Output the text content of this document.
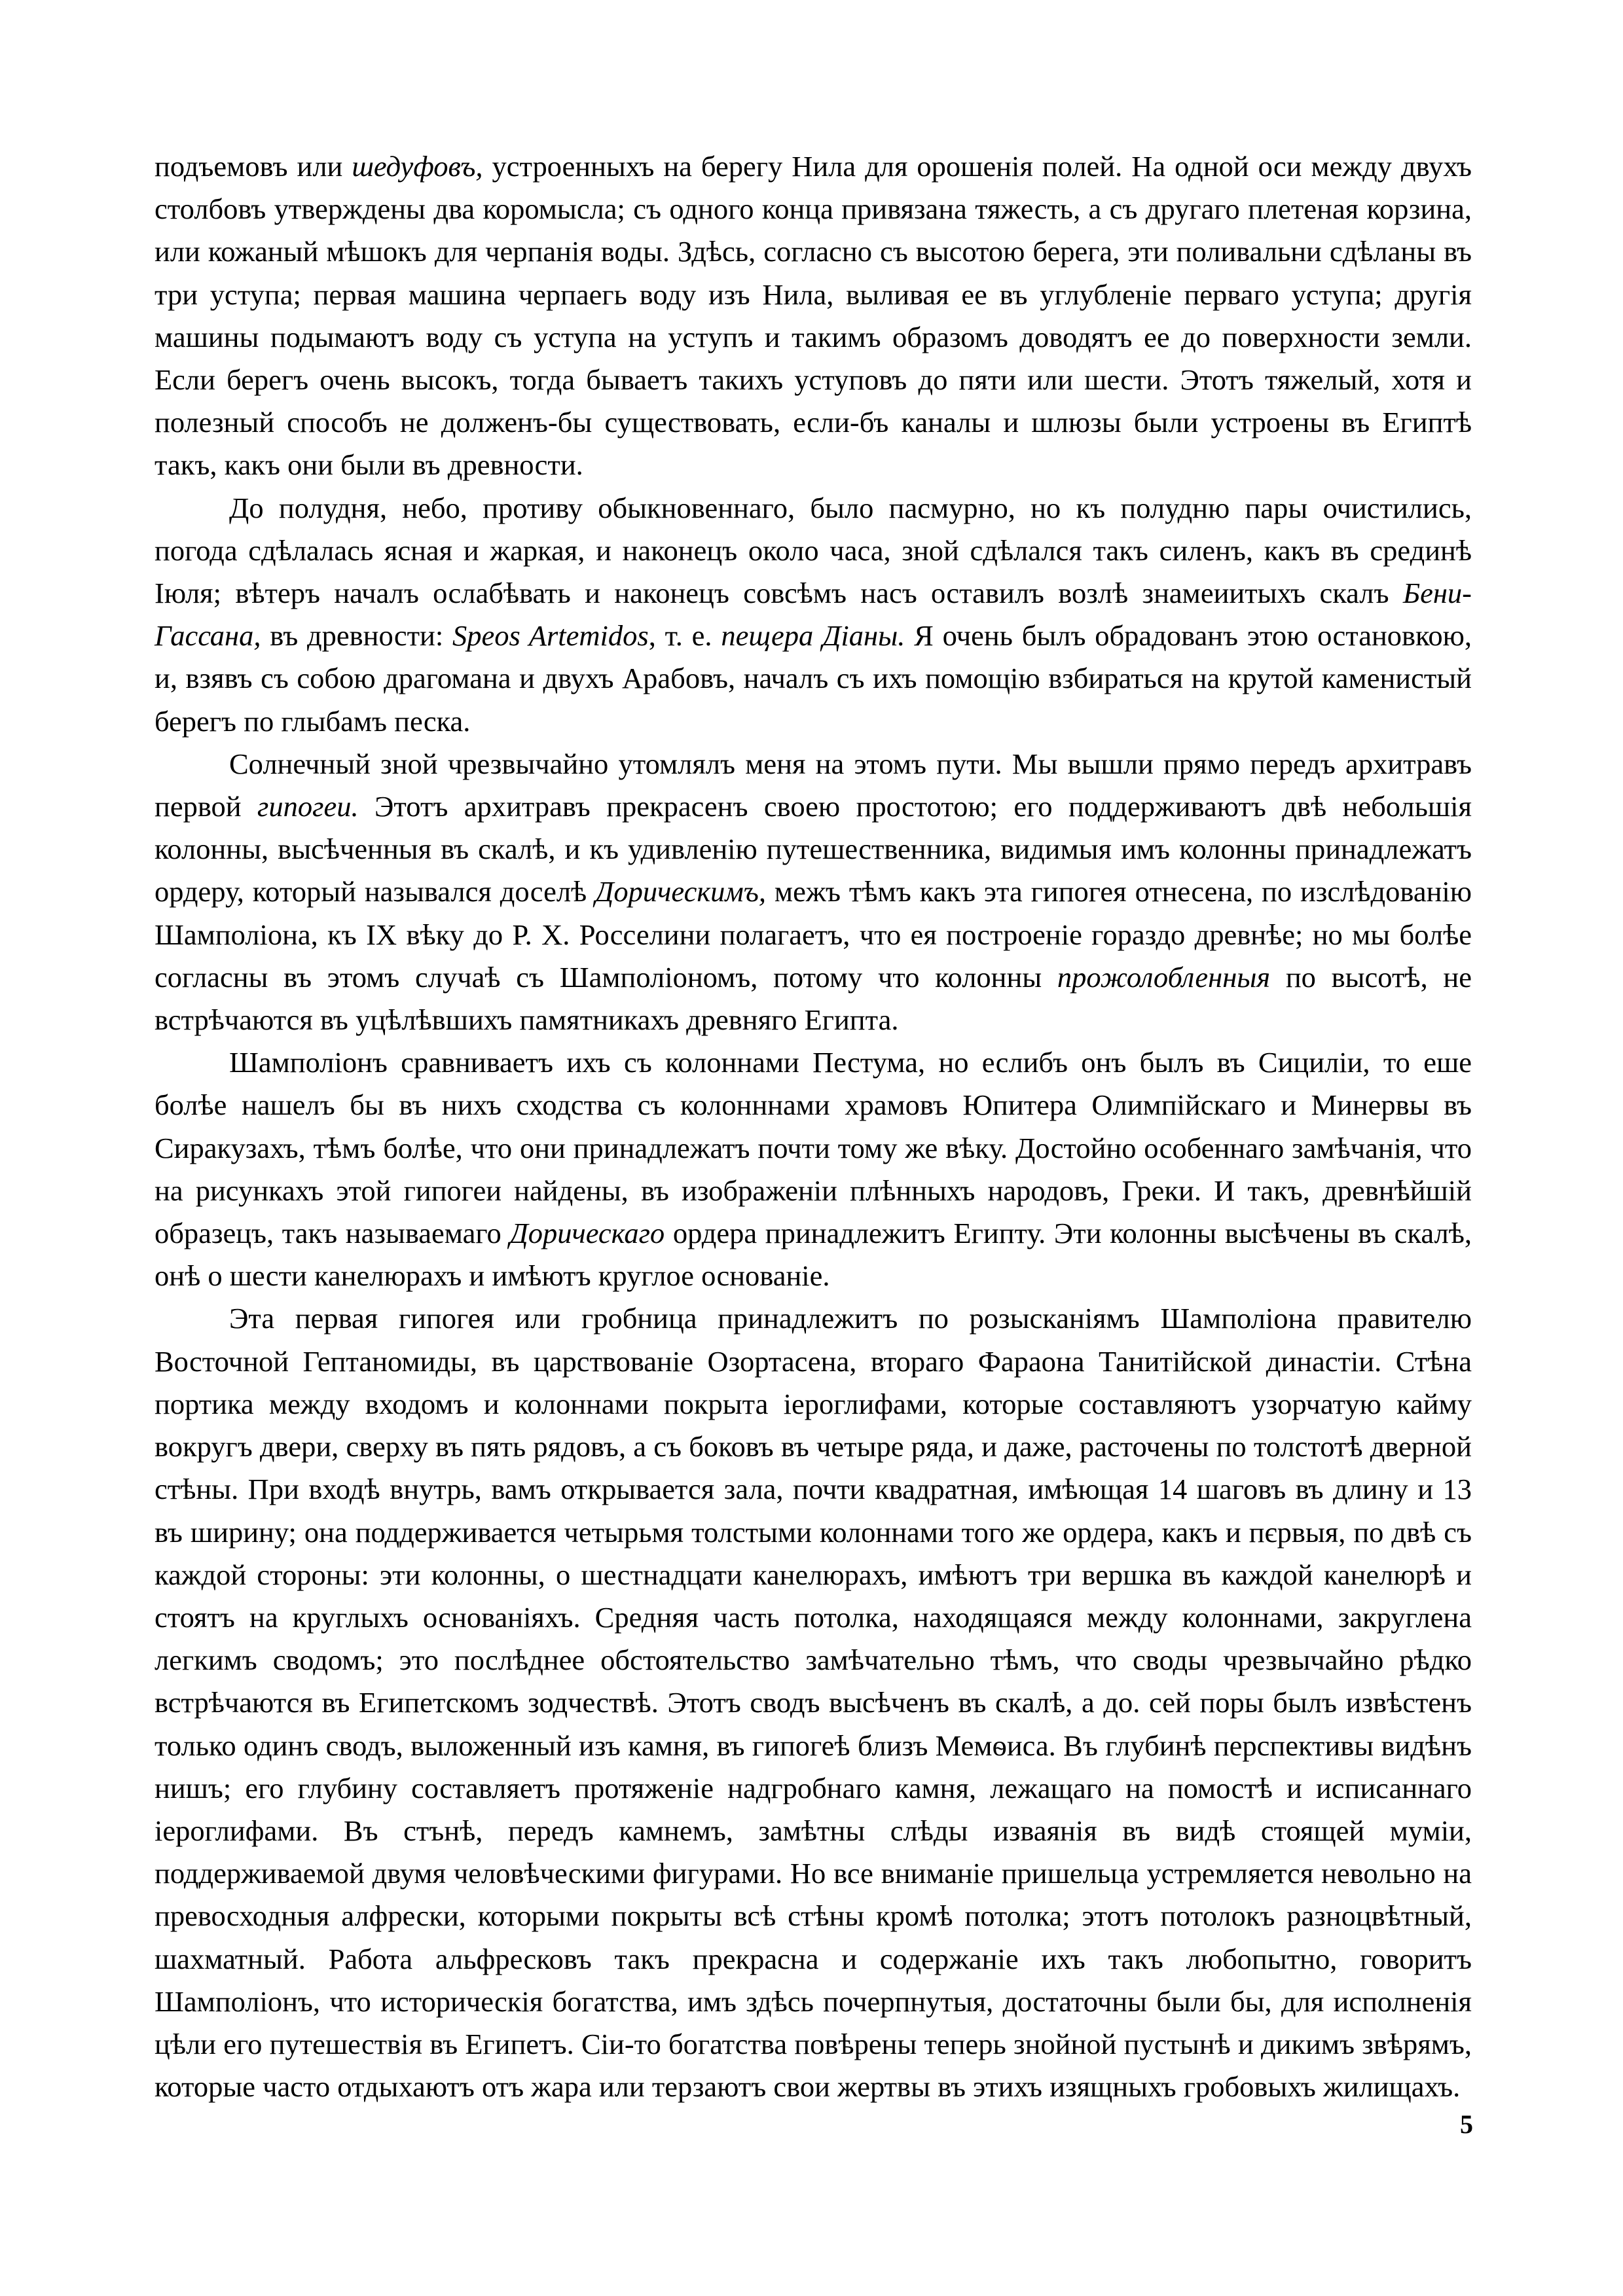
подъемовъ или шедуфовъ, устроенныхъ на берегу Нила для орошенія полей. На одной оси между двухъ столбовъ утверждены два коромысла; съ одного конца привязана тяжесть, а съ другаго плетеная корзина, или кожаный мѣшокъ для черпанія воды. Здѣсь, согласно съ высотою берега, эти поливальни сдѣланы въ три уступа; первая машина черпаегь воду изъ Нила, выливая ее въ углубленіе перваго уступа; другія машины подымаютъ воду съ уступа на уступъ и такимъ образомъ доводятъ ее до поверхности земли. Если берегъ очень высокъ, тогда бываетъ такихъ уступовъ до пяти или шести. Этотъ тяжелый, хотя и полезный способъ не долженъ-бы существовать, если-бъ каналы и шлюзы были устроены въ Египтѣ такъ, какъ они были въ древности.

До полудня, небо, противу обыкновеннаго, было пасмурно, но къ полудню пары очистились, погода сдѣлалась ясная и жаркая, и наконецъ около часа, зной сдѣлался такъ силенъ, какъ въ срединѣ Іюля; вѣтеръ началъ ослабѣвать и наконецъ совсѣмъ насъ оставилъ возлѣ знамеиитыхъ скалъ Бени-Гассана, въ древности: Speos Artemidos, т. е. пещера Діаны. Я очень былъ обрадованъ этою остановкою, и, взявъ съ собою драгомана и двухъ Арабовъ, началъ съ ихъ помощію взбираться на крутой каменистый берегъ по глыбамъ песка.

Солнечный зной чрезвычайно утомлялъ меня на этомъ пути. Мы вышли прямо передъ архитравъ первой гипогеи. Этотъ архитравъ прекрасенъ своею простотою; его поддерживаютъ двѣ небольшія колонны, высѣченныя въ скалѣ, и къ удивленію путешественника, видимыя имъ колонны принадлежатъ ордеру, который назывался доселѣ Дорическимъ, межъ тѣмъ какъ эта гипогея отнесена, по изслѣдованію Шамполіона, къ IX вѣку до Р. Х. Росселини полагаетъ, что ея построеніе гораздо древнѣе; но мы болѣе согласны въ этомъ случаѣ съ Шамполіономъ, потому что колонны прожолобленныя по высотѣ, не встрѣчаются въ уцѣлѣвшихъ памятникахъ древняго Египта.

Шамполіонъ сравниваетъ ихъ съ колоннами Пестума, но еслибъ онъ былъ въ Сициліи, то еше болѣе нашелъ бы въ нихъ сходства съ колонннами храмовъ Юпитера Олимпійскаго и Минервы въ Сиракузахъ, тѣмъ болѣе, что они принадлежатъ почти тому же вѣку. Достойно особеннаго замѣчанія, что на рисункахъ этой гипогеи найдены, въ изображеніи плѣнныхъ народовъ, Греки. И такъ, древнѣйшій образецъ, такъ называемаго Дорическаго ордера принадлежитъ Египту. Эти колонны высѣчены въ скалѣ, онѣ о шести канелюрахъ и имѣютъ круглое основаніе.

Эта первая гипогея или гробница принадлежитъ по розысканіямъ Шамполіона правителю Восточной Гептаномиды, въ царствованіе Озортасена, втораго Фараона Танитійской династіи. Стѣна портика между входомъ и колоннами покрыта іероглифами, которые составляютъ узорчатую кайму вокругъ двери, сверху въ пять рядовъ, а съ боковъ въ четыре ряда, и даже, расточены по толстотѣ дверной стѣны. При входѣ внутрь, вамъ открывается зала, почти квадратная, имѣющая 14 шаговъ въ длину и 13 въ ширину; она поддерживается четырьмя толстыми колоннами того же ордера, какъ и пєрвыя, по двѣ съ каждой стороны: эти колонны, о шестнадцати канелюрахъ, имѣютъ три вершка въ каждой канелюрѣ и стоятъ на круглыхъ основаніяхъ. Средняя часть потолка, находящаяся между колоннами, закруглена легкимъ сводомъ; это послѣднее обстоятельство замѣчательно тѣмъ, что своды чрезвычайно рѣдко встрѣчаются въ Египетскомъ зодчествѣ. Этотъ сводъ высѣченъ въ скалѣ, а до. сей поры былъ извѣстенъ только одинъ сводъ, выложенный изъ камня, въ гипогеѣ близъ Мемѳиса. Въ глубинѣ перспективы видѣнъ нишъ; его глубину составляетъ протяженіе надгробнаго камня, лежащаго на помостѣ и исписаннаго іероглифами. Въ стънѣ, передъ камнемъ, замѣтны слѣды изваянія въ видѣ стоящей муміи, поддерживаемой двумя человѣческими фигурами. Но все вниманіе пришельца устремляется невольно на превосходныя алфрески, которыми покрыты всѣ стѣны кромѣ потолка; этотъ потолокъ разноцвѣтный, шахматный. Работа альфресковъ такъ прекрасна и содержаніе ихъ такъ любопытно, говоритъ Шамполіонъ, что историческія богатства, имъ здѣсь почерпнутыя, достаточны были бы, для исполненія цѣли его путешествія въ Египетъ. Сіи-то богатства повѣрены теперь знойной пустынѣ и дикимъ звѣрямъ, которые часто отдыхаютъ отъ жара или терзаютъ свои жертвы въ этихъ изящныхъ гробовыхъ жилищахъ.

5
